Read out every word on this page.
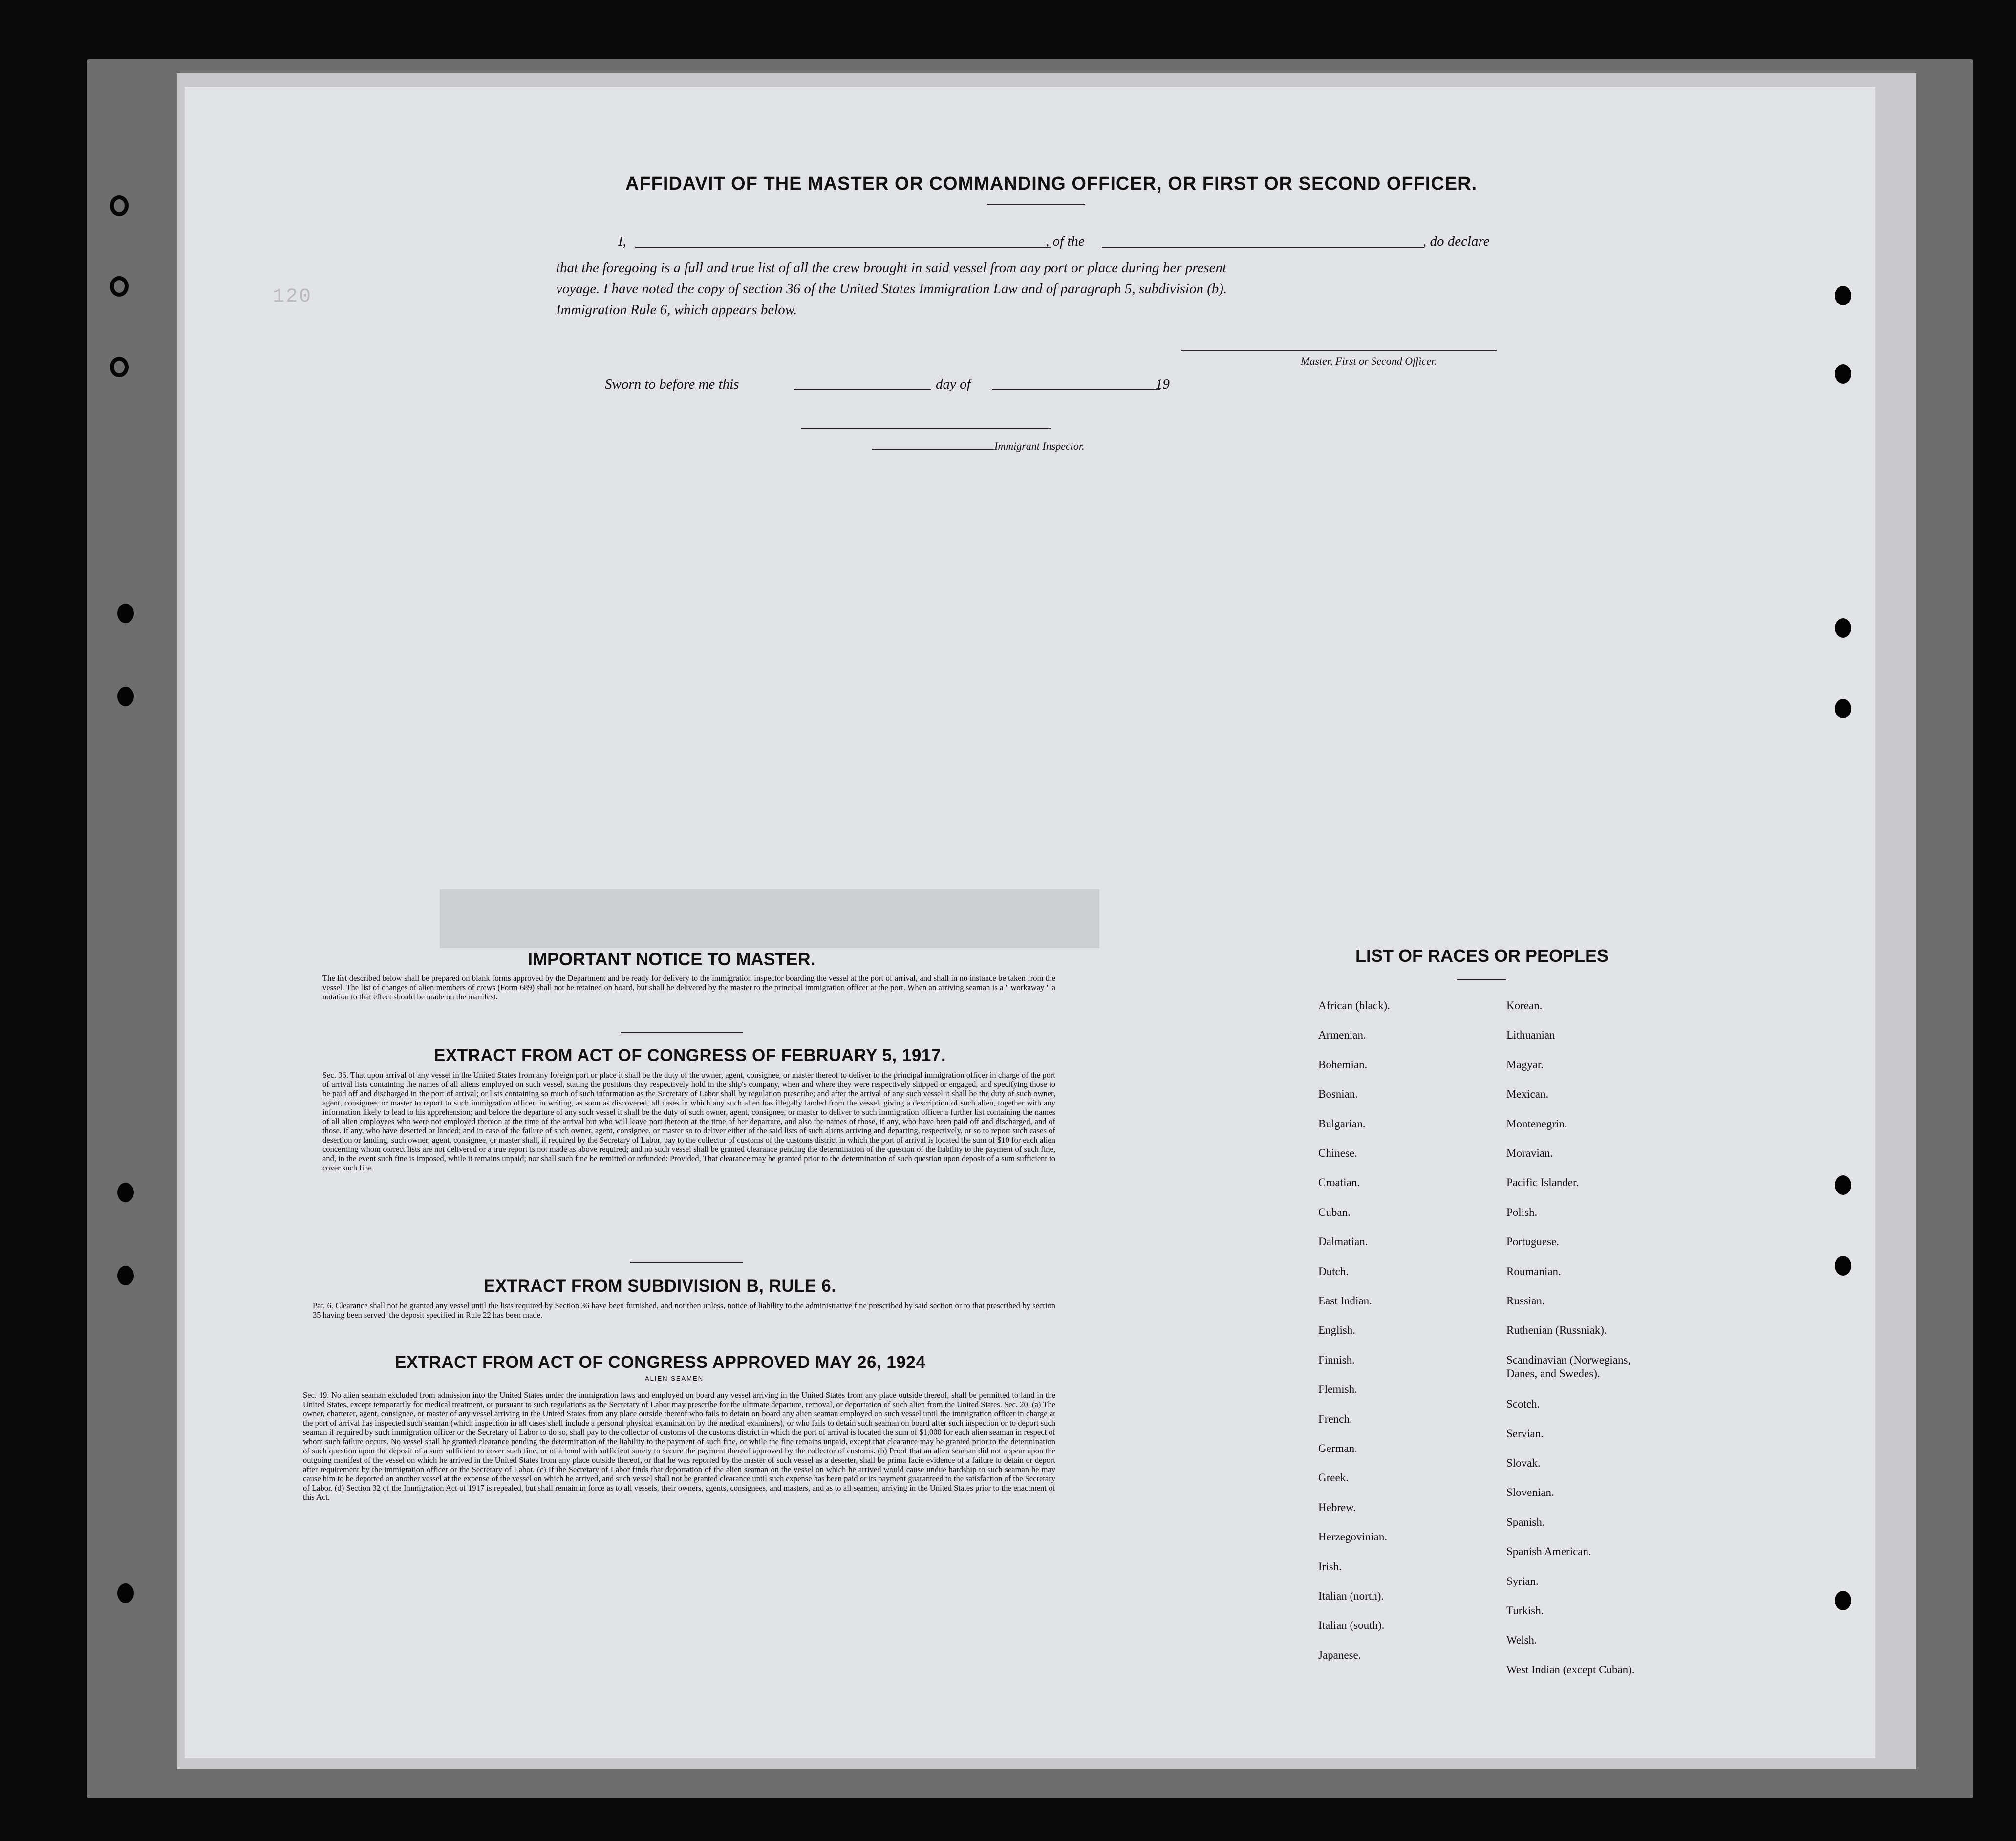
120
AFFIDAVIT OF THE MASTER OR COMMANDING OFFICER, OR FIRST OR SECOND OFFICER.
I,	, of the	, do declare
that the foregoing is a full and true list of all the crew brought in said vessel from any port or place during her present
voyage. I have noted the copy of section 36 of the United States Immigration Law and of paragraph 5, subdivision (b).
Immigration Rule 6, which appears below.
Master, First or Second Officer.
Sworn to before me this	day of	19
Immigrant Inspector.
IMPORTANT NOTICE TO MASTER.
The list described below shall be prepared on blank forms approved by the Department and be ready for delivery to the immigration inspector boarding the vessel at the port of arrival, and shall in no instance be taken from the vessel. The list of changes of alien members of crews (Form 689) shall not be retained on board, but shall be delivered by the master to the principal immigration officer at the port. When an arriving seaman is a " workaway " a notation to that effect should be made on the manifest.
EXTRACT FROM ACT OF CONGRESS OF FEBRUARY 5, 1917.
Sec. 36. That upon arrival of any vessel in the United States from any foreign port or place it shall be the duty of the owner, agent, consignee, or master thereof to deliver to the principal immigration officer in charge of the port of arrival lists containing the names of all aliens employed on such vessel, stating the positions they respectively hold in the ship's company, when and where they were respectively shipped or engaged, and specifying those to be paid off and discharged in the port of arrival; or lists containing so much of such information as the Secretary of Labor shall by regulation prescribe; and after the arrival of any such vessel it shall be the duty of such owner, agent, consignee, or master to report to such immigration officer, in writing, as soon as discovered, all cases in which any such alien has illegally landed from the vessel, giving a description of such alien, together with any information likely to lead to his apprehension; and before the departure of any such vessel it shall be the duty of such owner, agent, consignee, or master to deliver to such immigration officer a further list containing the names of all alien employees who were not employed thereon at the time of the arrival but who will leave port thereon at the time of her departure, and also the names of those, if any, who have been paid off and discharged, and of those, if any, who have deserted or landed; and in case of the failure of such owner, agent, consignee, or master so to deliver either of the said lists of such aliens arriving and departing, respectively, or so to report such cases of desertion or landing, such owner, agent, consignee, or master shall, if required by the Secretary of Labor, pay to the collector of customs of the customs district in which the port of arrival is located the sum of $10 for each alien concerning whom correct lists are not delivered or a true report is not made as above required; and no such vessel shall be granted clearance pending the determination of the question of the liability to the payment of such fine, and, in the event such fine is imposed, while it remains unpaid; nor shall such fine be remitted or refunded: Provided, That clearance may be granted prior to the determination of such question upon deposit of a sum sufficient to cover such fine.
EXTRACT FROM SUBDIVISION B, RULE 6.
Par. 6. Clearance shall not be granted any vessel until the lists required by Section 36 have been furnished, and not then unless, notice of liability to the administrative fine prescribed by said section or to that prescribed by section 35 having been served, the deposit specified in Rule 22 has been made.
EXTRACT FROM ACT OF CONGRESS APPROVED MAY 26, 1924
ALIEN SEAMEN
Sec. 19. No alien seaman excluded from admission into the United States under the immigration laws and employed on board any vessel arriving in the United States from any place outside thereof, shall be permitted to land in the United States, except temporarily for medical treatment, or pursuant to such regulations as the Secretary of Labor may prescribe for the ultimate departure, removal, or deportation of such alien from the United States. Sec. 20. (a) The owner, charterer, agent, consignee, or master of any vessel arriving in the United States from any place outside thereof who fails to detain on board any alien seaman employed on such vessel until the immigration officer in charge at the port of arrival has inspected such seaman (which inspection in all cases shall include a personal physical examination by the medical examiners), or who fails to detain such seaman on board after such inspection or to deport such seaman if required by such immigration officer or the Secretary of Labor to do so, shall pay to the collector of customs of the customs district in which the port of arrival is located the sum of $1,000 for each alien seaman in respect of whom such failure occurs. No vessel shall be granted clearance pending the determination of the liability to the payment of such fine, or while the fine remains unpaid, except that clearance may be granted prior to the determination of such question upon the deposit of a sum sufficient to cover such fine, or of a bond with sufficient surety to secure the payment thereof approved by the collector of customs. (b) Proof that an alien seaman did not appear upon the outgoing manifest of the vessel on which he arrived in the United States from any place outside thereof, or that he was reported by the master of such vessel as a deserter, shall be prima facie evidence of a failure to detain or deport after requirement by the immigration officer or the Secretary of Labor. (c) If the Secretary of Labor finds that deportation of the alien seaman on the vessel on which he arrived would cause undue hardship to such seaman he may cause him to be deported on another vessel at the expense of the vessel on which he arrived, and such vessel shall not be granted clearance until such expense has been paid or its payment guaranteed to the satisfaction of the Secretary of Labor. (d) Section 32 of the Immigration Act of 1917 is repealed, but shall remain in force as to all vessels, their owners, agents, consignees, and masters, and as to all seamen, arriving in the United States prior to the enactment of this Act.
LIST OF RACES OR PEOPLES
African (black).
Armenian.
Bohemian.
Bosnian.
Bulgarian.
Chinese.
Croatian.
Cuban.
Dalmatian.
Dutch.
East Indian.
English.
Finnish.
Flemish.
French.
German.
Greek.
Hebrew.
Herzegovinian.
Irish.
Italian (north).
Italian (south).
Japanese.
Korean.
Lithuanian
Magyar.
Mexican.
Montenegrin.
Moravian.
Pacific Islander.
Polish.
Portuguese.
Roumanian.
Russian.
Ruthenian (Russniak).
Scandinavian (Norwegians,
Danes, and Swedes).
Scotch.
Servian.
Slovak.
Slovenian.
Spanish.
Spanish American.
Syrian.
Turkish.
Welsh.
West Indian (except Cuban).
